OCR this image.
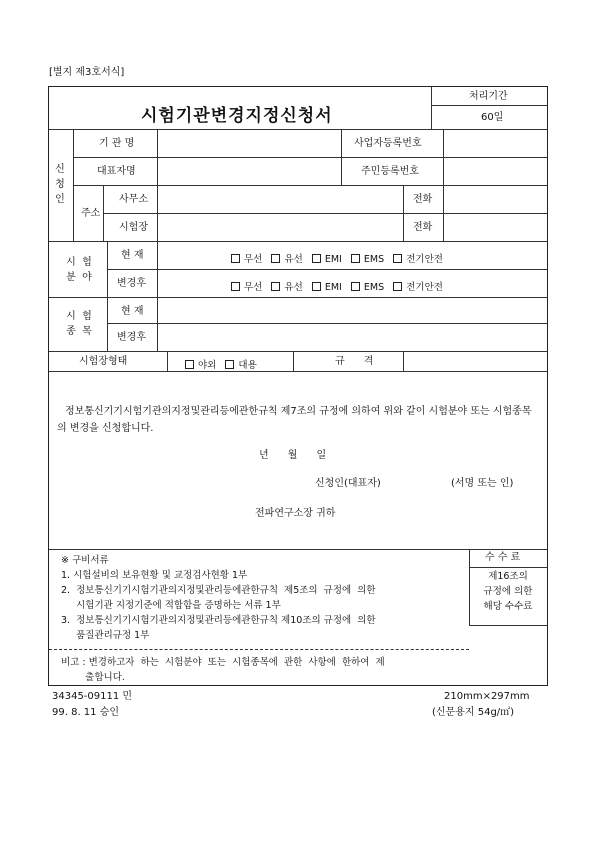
[별지 제3호서식]
시험기관변경지정신청서
처리기간
60일
신
청
인
기 관 명	사업자등록번호
대표자명	주민등록번호
주소
사무소	전화
시험장	전화
시  험
분  야
현 재	무선 유선 EMI EMS 전기안전
변경후	무선 유선 EMI EMS 전기안전
시  험
종  목
현 재
변경후
시험장형태	야외 대용	규      격
정보통신기기시험기관의지정및관리등에관한규칙 제7조의 규정에 의하여 위와 같이 시험분야 또는 시험종목의 변경을 신청합니다.
년      월      일
신청인(대표자)	(서명 또는 인)
전파연구소장 귀하
※ 구비서류
1. 시험설비의 보유현황 및 교정검사현황 1부
2.  정보통신기기시험기관의지정및관리등에관한규칙  제5조의  규정에  의한
시험기관 지정기준에 적합함을 증명하는 서류 1부
3.  정보통신기기시험기관의지정및관리등에관한규칙 제10조의 규정에  의한
품질관리규정 1부
비고 : 변경하고자  하는  시험분야  또는  시험종목에  관한  사항에  한하여  제
출합니다.
수 수 료
제16조의
규정에 의한
해당 수수료
34345-09111 민
99. 8. 11 승인
210mm×297mm
(신문용지 54g/㎡)
